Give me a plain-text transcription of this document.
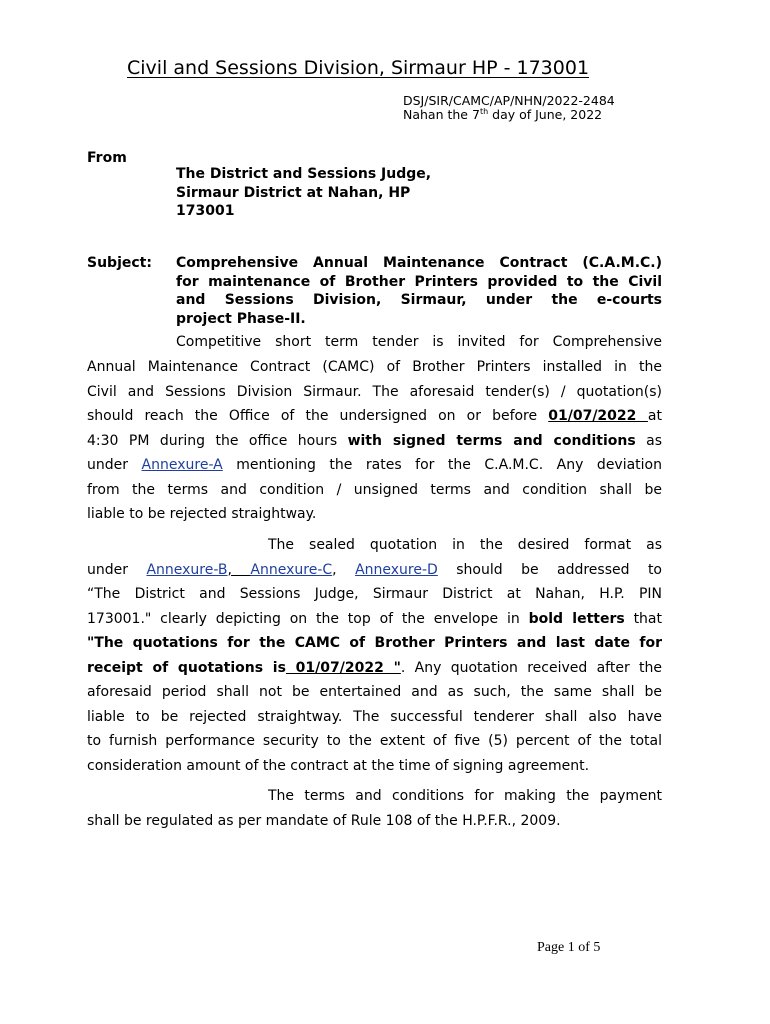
Civil and Sessions Division, Sirmaur HP - 173001
DSJ/SIR/CAMC/AP/NHN/2022-2484
Nahan the 7th day of June, 2022
From
The District and Sessions Judge,
Sirmaur District at Nahan, HP
173001
Subject: Comprehensive Annual Maintenance Contract (C.A.M.C.)
for maintenance of Brother Printers provided to the Civil
and Sessions Division, Sirmaur, under the e-courts
project Phase-II.
Competitive short term tender is invited for Comprehensive
Annual Maintenance Contract (CAMC) of Brother Printers installed in the
Civil and Sessions Division Sirmaur. The aforesaid tender(s) / quotation(s)
should reach the Office of the undersigned on or before 01/07/2022 at
4:30 PM during the office hours with signed terms and conditions as
under Annexure-A mentioning the rates for the C.A.M.C. Any deviation
from the terms and condition / unsigned terms and condition shall be
liable to be rejected straightway.
The sealed quotation in the desired format as
under Annexure-B, Annexure-C, Annexure-D should be addressed to
“The District and Sessions Judge, Sirmaur District at Nahan, H.P. PIN
173001." clearly depicting on the top of the envelope in bold letters that
"The quotations for the CAMC of Brother Printers and last date for
receipt of quotations is 01/07/2022 ". Any quotation received after the
aforesaid period shall not be entertained and as such, the same shall be
liable to be rejected straightway. The successful tenderer shall also have
to furnish performance security to the extent of five (5) percent of the total
consideration amount of the contract at the time of signing agreement.
The terms and conditions for making the payment
shall be regulated as per mandate of Rule 108 of the H.P.F.R., 2009.
Page 1 of 5
